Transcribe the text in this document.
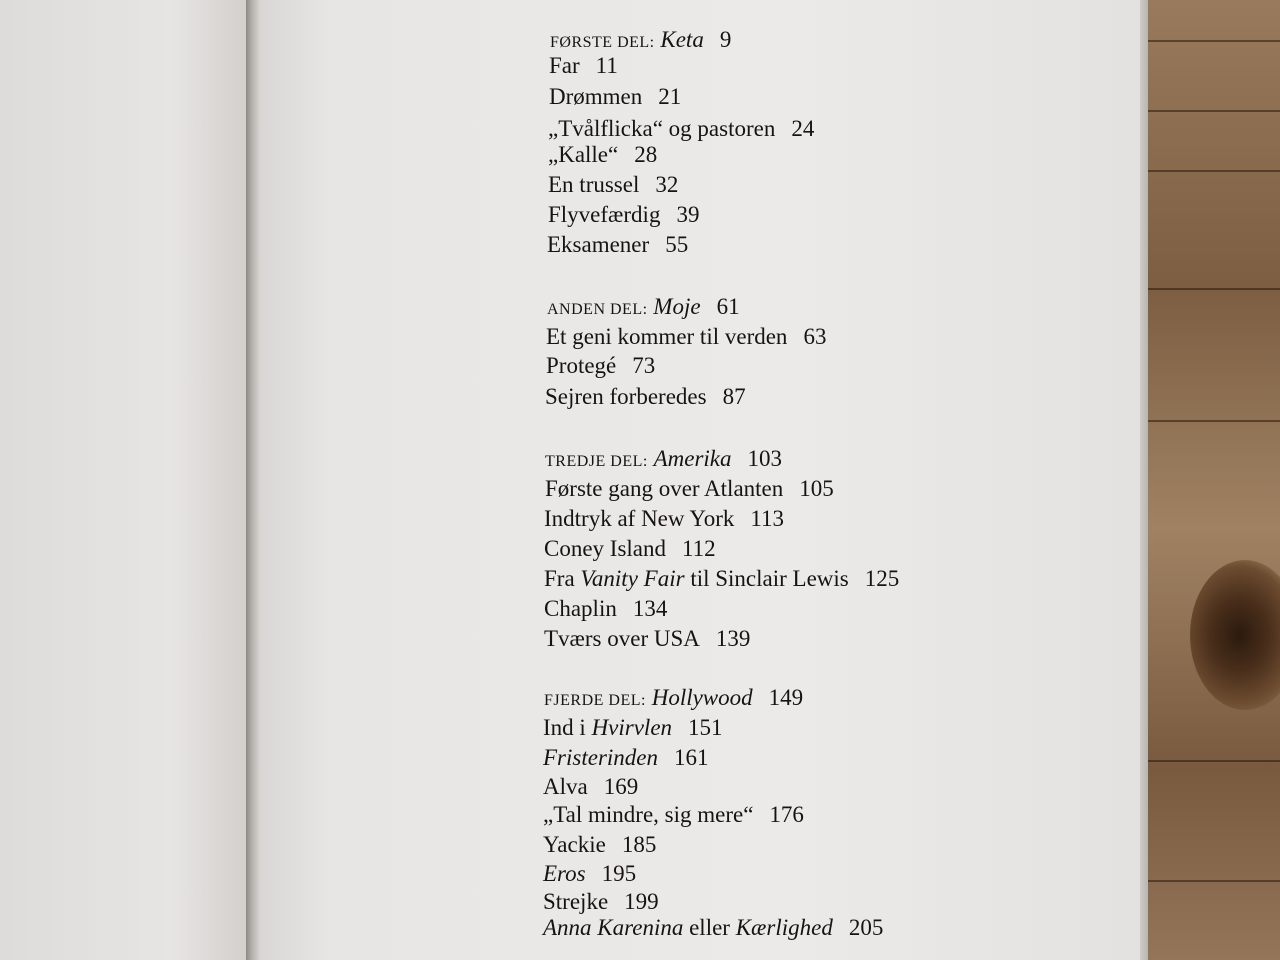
FØRSTE DEL: Keta 9
Far 11
Drømmen 21
„Tvålflicka“ og pastoren 24
„Kalle“ 28
En trussel 32
Flyvefærdig 39
Eksamener 55
ANDEN DEL: Moje 61
Et geni kommer til verden 63
Protegé 73
Sejren forberedes 87
TREDJE DEL: Amerika 103
Første gang over Atlanten 105
Indtryk af New York 113
Coney Island 112
Fra Vanity Fair til Sinclair Lewis 125
Chaplin 134
Tværs over USA 139
FJERDE DEL: Hollywood 149
Ind i Hvirvlen 151
Fristerinden 161
Alva 169
„Tal mindre, sig mere“ 176
Yackie 185
Eros 195
Strejke 199
Anna Karenina eller Kærlighed 205
